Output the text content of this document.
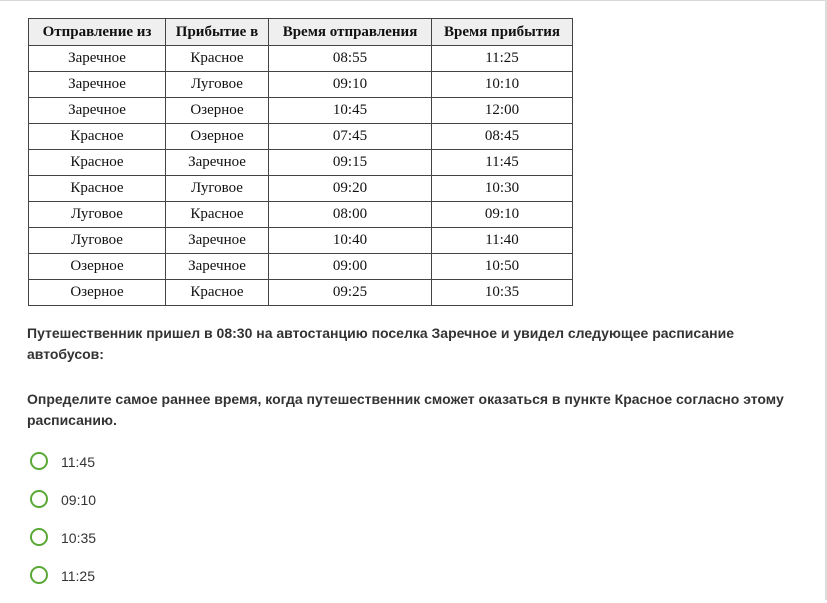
Отправление из	Прибытие в	Время отправления	Время прибытия
Заречное	Красное	08:55	11:25
Заречное	Луговое	09:10	10:10
Заречное	Озерное	10:45	12:00
Красное	Озерное	07:45	08:45
Красное	Заречное	09:15	11:45
Красное	Луговое	09:20	10:30
Луговое	Красное	08:00	09:10
Луговое	Заречное	10:40	11:40
Озерное	Заречное	09:00	10:50
Озерное	Красное	09:25	10:35
Путешественник пришел в 08:30 на автостанцию поселка Заречное и увидел следующее расписание автобусов:
Определите самое раннее время, когда путешественник сможет оказаться в пункте Красное согласно этому расписанию.
11:45
09:10
10:35
11:25
